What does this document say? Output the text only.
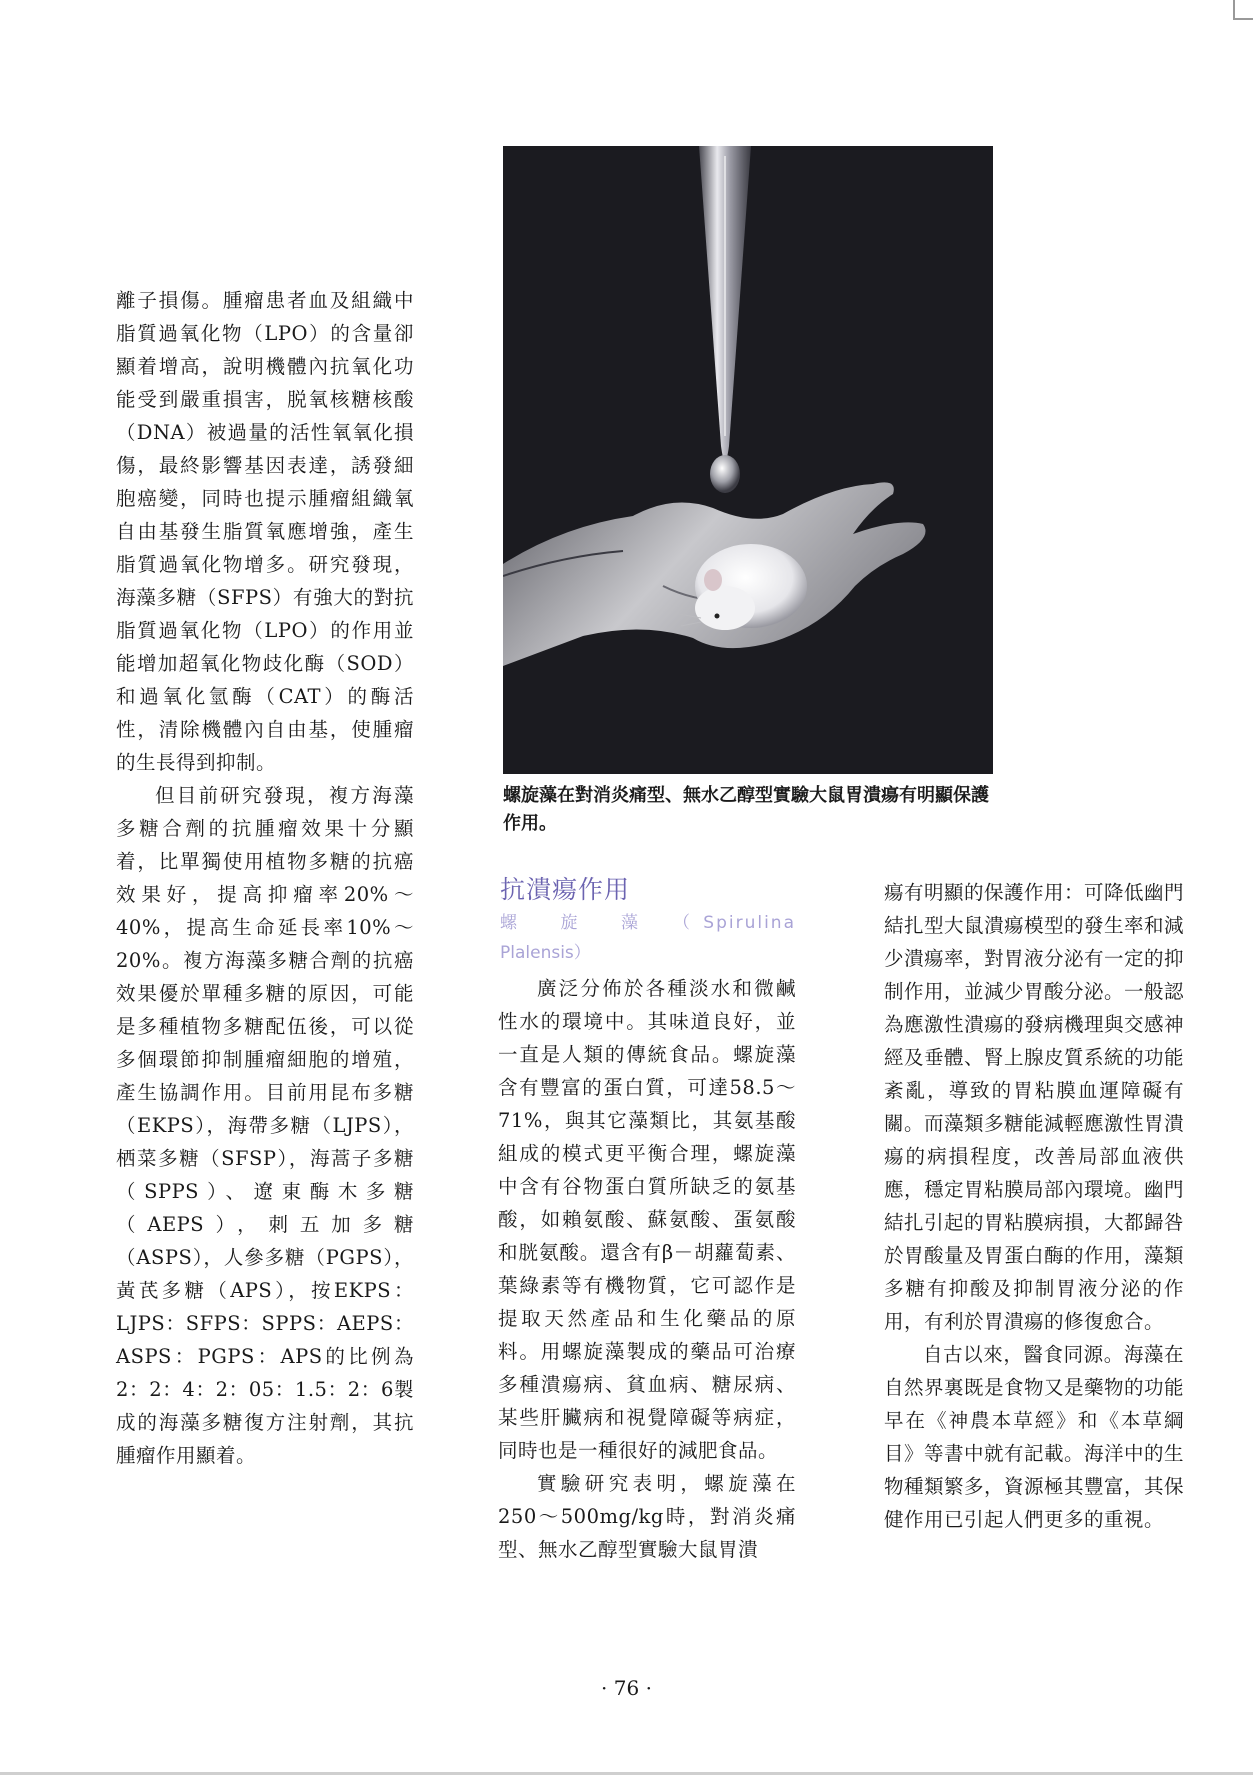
螺旋藻在對消炎痛型、無水乙醇型實驗大鼠胃潰瘍有明顯保護作用。

離子損傷。腫瘤患者血及組織中脂質過氧化物（LPO）的含量卻顯着增高，說明機體內抗氧化功能受到嚴重損害，脱氧核糖核酸（DNA）被過量的活性氧氧化損傷，最終影響基因表達，誘發細胞癌變，同時也提示腫瘤組織氧自由基發生脂質氧應增強，產生脂質過氧化物增多。研究發現，海藻多糖（SFPS）有強大的對抗脂質過氧化物（LPO）的作用並能增加超氧化物歧化酶（SOD）和過氧化氫酶（CAT）的酶活性，清除機體內自由基，使腫瘤的生長得到抑制。

但目前研究發現，複方海藻多糖合劑的抗腫瘤效果十分顯着，比單獨使用植物多糖的抗癌效果好，提高抑瘤率20%〜40%，提高生命延長率10%〜20%。複方海藻多糖合劑的抗癌效果優於單種多糖的原因，可能是多種植物多糖配伍後，可以從多個環節抑制腫瘤細胞的增殖，產生協調作用。目前用昆布多糖（EKPS），海帶多糖（LJPS），栖菜多糖（SFSP），海蒿子多糖（SPPS）、遼東酶木多糖（AEPS），刺五加多糖（ASPS），人參多糖（PGPS），黃芪多糖（APS），按EKPS：LJPS：SFPS：SPPS：AEPS：ASPS：PGPS：APS的比例為2：2：4：2：05：1.5：2：6製成的海藻多糖復方注射劑，其抗腫瘤作用顯着。

抗潰瘍作用
螺　旋　藻　（Spirulina
Plalensis）

廣泛分佈於各種淡水和微鹹性水的環境中。其味道良好，並一直是人類的傳統食品。螺旋藻含有豐富的蛋白質，可達58.5〜71%，與其它藻類比，其氨基酸組成的模式更平衡合理，螺旋藻中含有谷物蛋白質所缺乏的氨基酸，如賴氨酸、蘇氨酸、蛋氨酸和胱氨酸。還含有β－胡蘿蔔素、葉綠素等有機物質，它可認作是提取天然產品和生化藥品的原料。用螺旋藻製成的藥品可治療多種潰瘍病、貧血病、糖尿病、某些肝臟病和視覺障礙等病症，同時也是一種很好的減肥食品。

實驗研究表明，螺旋藻在250〜500mg/kg時，對消炎痛型、無水乙醇型實驗大鼠胃潰

瘍有明顯的保護作用：可降低幽門結扎型大鼠潰瘍模型的發生率和減少潰瘍率，對胃液分泌有一定的抑制作用，並減少胃酸分泌。一般認為應激性潰瘍的發病機理與交感神經及垂體、腎上腺皮質系統的功能紊亂，導致的胃粘膜血運障礙有關。而藻類多糖能減輕應激性胃潰瘍的病損程度，改善局部血液供應，穩定胃粘膜局部內環境。幽門結扎引起的胃粘膜病損，大都歸咎於胃酸量及胃蛋白酶的作用，藻類多糖有抑酸及抑制胃液分泌的作用，有利於胃潰瘍的修復愈合。

自古以來，醫食同源。海藻在自然界裏既是食物又是藥物的功能早在《神農本草經》和《本草綱目》等書中就有記載。海洋中的生物種類繁多，資源極其豐富，其保健作用已引起人們更多的重視。

· 76 ·
